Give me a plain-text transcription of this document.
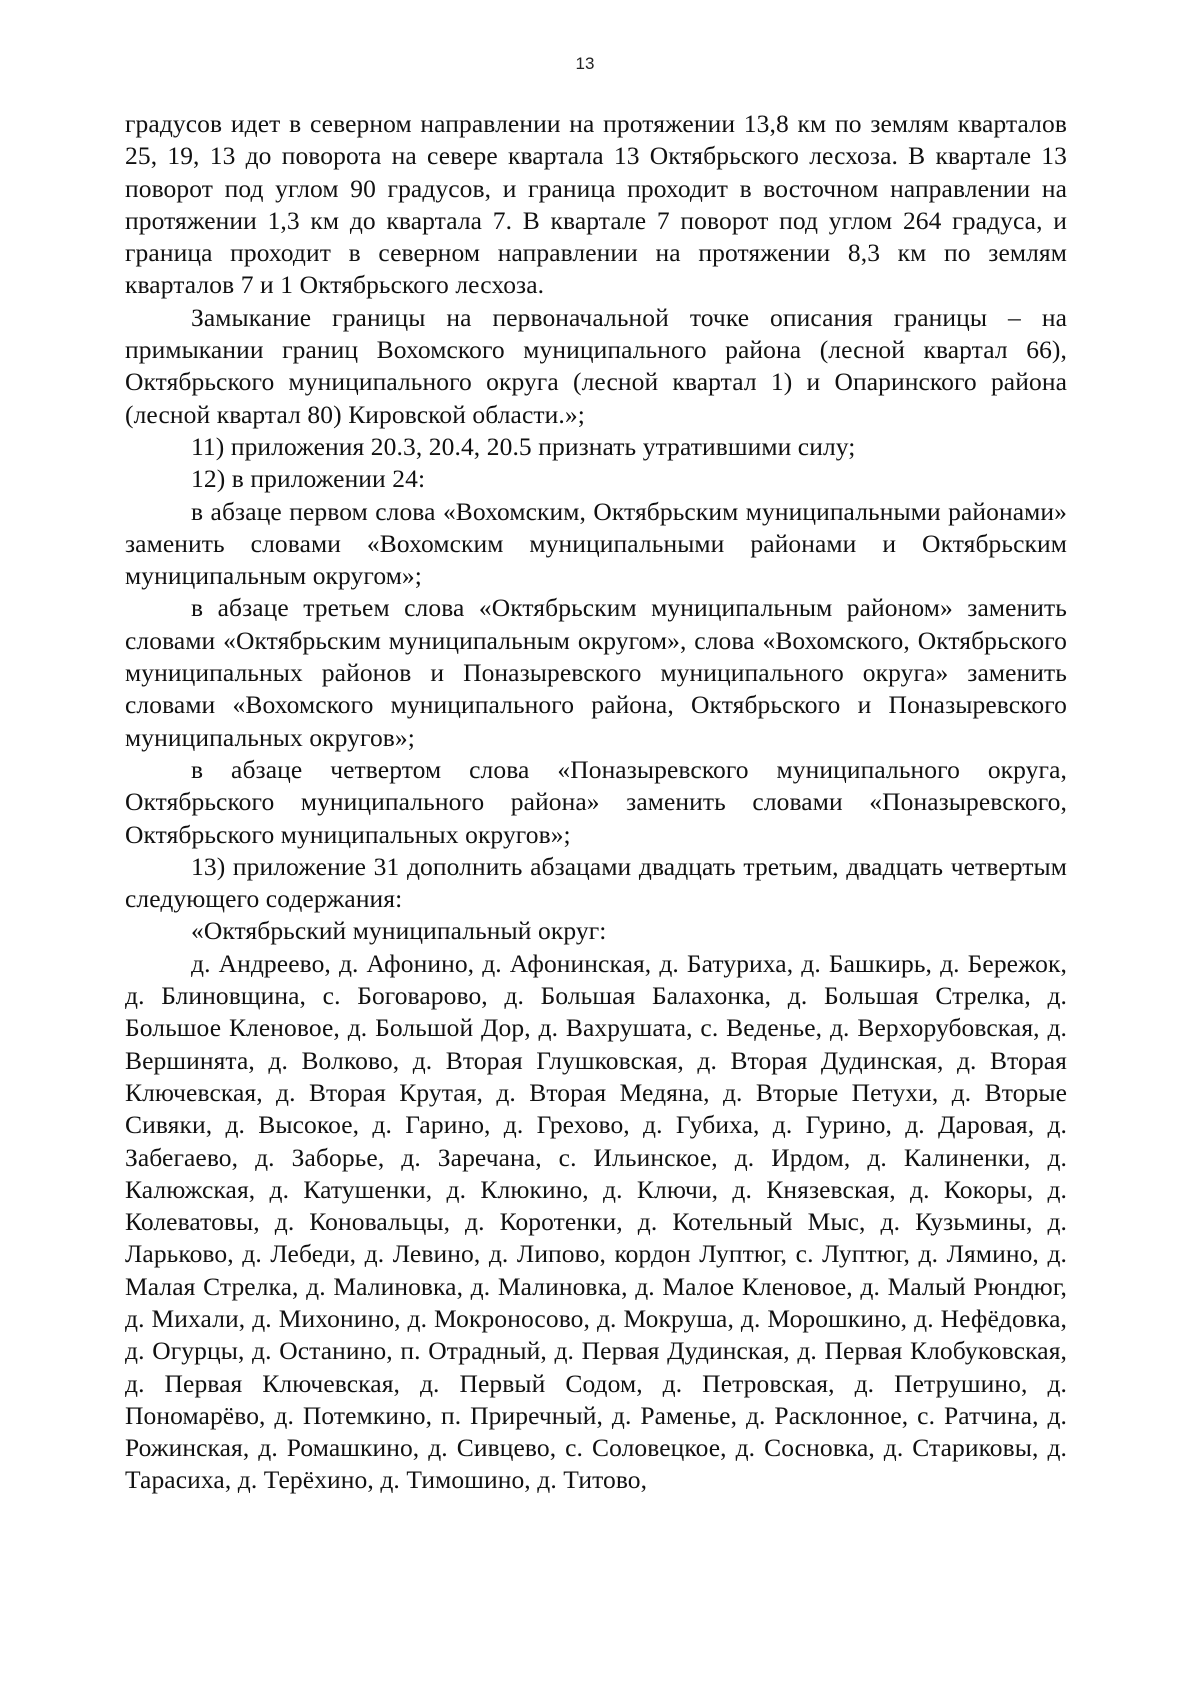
13

градусов идет в северном направлении на протяжении 13,8 км по землям кварталов 25, 19, 13 до поворота на севере квартала 13 Октябрьского лесхоза. В квартале 13 поворот под углом 90 градусов, и граница проходит в восточном направлении на протяжении 1,3 км до квартала 7. В квартале 7 поворот под углом 264 градуса, и граница проходит в северном направлении на протяжении 8,3 км по землям кварталов 7 и 1 Октябрьского лесхоза.

Замыкание границы на первоначальной точке описания границы – на примыкании границ Вохомского муниципального района (лесной квартал 66), Октябрьского муниципального округа (лесной квартал 1) и Опаринского района (лесной квартал 80) Кировской области.»;

11) приложения 20.3, 20.4, 20.5 признать утратившими силу;

12) в приложении 24:

в абзаце первом слова «Вохомским, Октябрьским муниципальными районами» заменить словами «Вохомским муниципальными районами и Октябрьским муниципальным округом»;

в абзаце третьем слова «Октябрьским муниципальным районом» заменить словами «Октябрьским муниципальным округом», слова «Вохомского, Октябрьского муниципальных районов и Поназыревского муниципального округа» заменить словами «Вохомского муниципального района, Октябрьского и Поназыревского муниципальных округов»;

в абзаце четвертом слова «Поназыревского муниципального округа, Октябрьского муниципального района» заменить словами «Поназыревского, Октябрьского муниципальных округов»;

13) приложение 31 дополнить абзацами двадцать третьим, двадцать четвертым следующего содержания:

«Октябрьский муниципальный округ:

д. Андреево, д. Афонино, д. Афонинская, д. Батуриха, д. Башкирь, д. Бережок, д. Блиновщина, с. Боговарово, д. Большая Балахонка, д. Большая Стрелка, д. Большое Кленовое, д. Большой Дор, д. Вахрушата, с. Веденье, д. Верхорубовская, д. Вершинята, д. Волково, д. Вторая Глушковская, д. Вторая Дудинская, д. Вторая Ключевская, д. Вторая Крутая, д. Вторая Медяна, д. Вторые Петухи, д. Вторые Сивяки, д. Высокое, д. Гарино, д. Грехово, д. Губиха, д. Гурино, д. Даровая, д. Забегаево, д. Заборье, д. Заречана, с. Ильинское, д. Ирдом, д. Калиненки, д. Калюжская, д. Катушенки, д. Клюкино, д. Ключи, д. Князевская, д. Кокоры, д. Колеватовы, д. Коновальцы, д. Коротенки, д. Котельный Мыс, д. Кузьмины, д. Ларьково, д. Лебеди, д. Левино, д. Липово, кордон Луптюг, с. Луптюг, д. Лямино, д. Малая Стрелка, д. Малиновка, д. Малиновка, д. Малое Кленовое, д. Малый Рюндюг, д. Михали, д. Михонино, д. Мокроносово, д. Мокруша, д. Морошкино, д. Нефёдовка, д. Огурцы, д. Останино, п. Отрадный, д. Первая Дудинская, д. Первая Клобуковская, д. Первая Ключевская, д. Первый Содом, д. Петровская, д. Петрушино, д. Пономарёво, д. Потемкино, п. Приречный, д. Раменье, д. Расклонное, с. Ратчина, д. Рожинская, д. Ромашкино, д. Сивцево, с. Соловецкое, д. Сосновка, д. Стариковы, д. Тарасиха, д. Терёхино, д. Тимошино, д. Титово,
